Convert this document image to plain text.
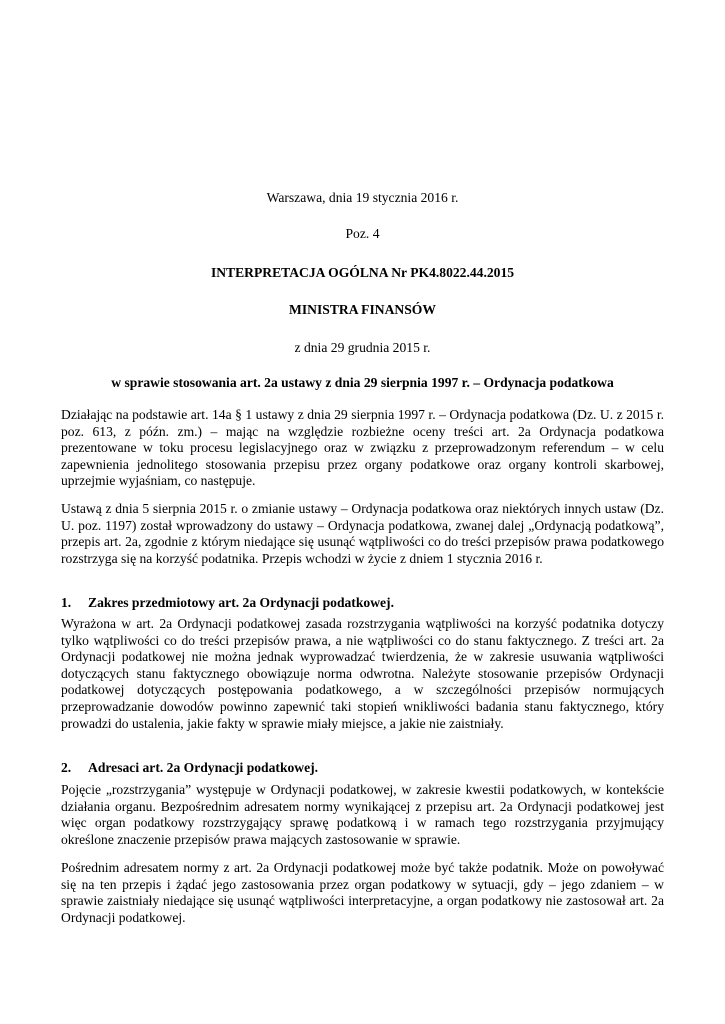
Warszawa, dnia 19 stycznia 2016 r.
Poz. 4
INTERPRETACJA OGÓLNA Nr PK4.8022.44.2015
MINISTRA FINANSÓW
z dnia 29 grudnia 2015 r.
w sprawie stosowania art. 2a ustawy z dnia 29 sierpnia 1997 r. – Ordynacja podatkowa
Działając na podstawie art. 14a § 1 ustawy z dnia 29 sierpnia 1997 r. – Ordynacja podatkowa (Dz. U. z 2015 r. poz. 613, z późn. zm.) – mając na względzie rozbieżne oceny treści art. 2a Ordynacja podatkowa prezentowane w toku procesu legislacyjnego oraz w związku z przeprowadzonym referendum – w celu zapewnienia jednolitego stosowania przepisu przez organy podatkowe oraz organy kontroli skarbowej, uprzejmie wyjaśniam, co następuje.
Ustawą z dnia 5 sierpnia 2015 r. o zmianie ustawy – Ordynacja podatkowa oraz niektórych innych ustaw (Dz. U. poz. 1197) został wprowadzony do ustawy – Ordynacja podatkowa, zwanej dalej „Ordynacją podatkową”, przepis art. 2a, zgodnie z którym niedające się usunąć wątpliwości co do treści przepisów prawa podatkowego rozstrzyga się na korzyść podatnika. Przepis wchodzi w życie z dniem 1 stycznia 2016 r.
1. Zakres przedmiotowy art. 2a Ordynacji podatkowej.
Wyrażona w art. 2a Ordynacji podatkowej zasada rozstrzygania wątpliwości na korzyść podatnika dotyczy tylko wątpliwości co do treści przepisów prawa, a nie wątpliwości co do stanu faktycznego. Z treści art. 2a Ordynacji podatkowej nie można jednak wyprowadzać twierdzenia, że w zakresie usuwania wątpliwości dotyczących stanu faktycznego obowiązuje norma odwrotna. Należyte stosowanie przepisów Ordynacji podatkowej dotyczących postępowania podatkowego, a w szczególności przepisów normujących przeprowadzanie dowodów powinno zapewnić taki stopień wnikliwości badania stanu faktycznego, który prowadzi do ustalenia, jakie fakty w sprawie miały miejsce, a jakie nie zaistniały.
2. Adresaci art. 2a Ordynacji podatkowej.
Pojęcie „rozstrzygania” występuje w Ordynacji podatkowej, w zakresie kwestii podatkowych, w kontekście działania organu. Bezpośrednim adresatem normy wynikającej z przepisu art. 2a Ordynacji podatkowej jest więc organ podatkowy rozstrzygający sprawę podatkową i w ramach tego rozstrzygania przyjmujący określone znaczenie przepisów prawa mających zastosowanie w sprawie.
Pośrednim adresatem normy z art. 2a Ordynacji podatkowej może być także podatnik. Może on powoływać się na ten przepis i żądać jego zastosowania przez organ podatkowy w sytuacji, gdy – jego zdaniem – w sprawie zaistniały niedające się usunąć wątpliwości interpretacyjne, a organ podatkowy nie zastosował art. 2a Ordynacji podatkowej.
